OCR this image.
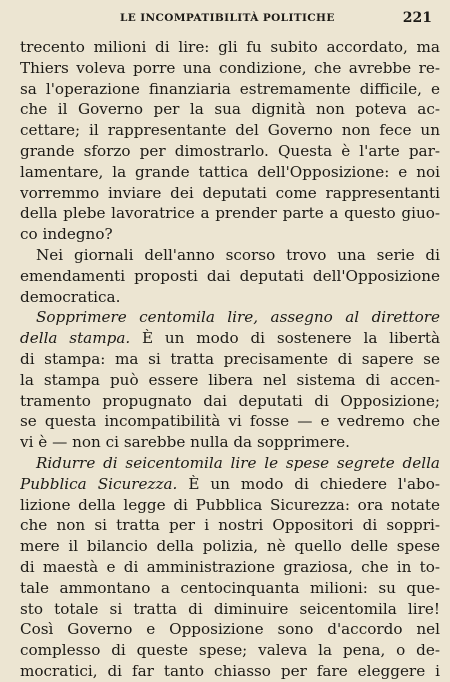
LE INCOMPATIBILITÀ POLITICHE	221
trecento milioni di lire: gli fu subito accordato, ma
Thiers voleva porre una condizione, che avrebbe re-
sa l'operazione finanziaria estremamente difficile, e
che il Governo per la sua dignità non poteva ac-
cettare; il rappresentante del Governo non fece un
grande sforzo per dimostrarlo. Questa è l'arte par-
lamentare, la grande tattica dell'Opposizione: e noi
vorremmo inviare dei deputati come rappresentanti
della plebe lavoratrice a prender parte a questo giuo-
co indegno?
Nei giornali dell'anno scorso trovo una serie di
emendamenti proposti dai deputati dell'Opposizione
democratica.
Sopprimere centomila lire, assegno al direttore
della stampa. È un modo di sostenere la libertà
di stampa: ma si tratta precisamente di sapere se
la stampa può essere libera nel sistema di accen-
tramento propugnato dai deputati di Opposizione;
se questa incompatibilità vi fosse — e vedremo che
vi è — non ci sarebbe nulla da sopprimere.
Ridurre di seicentomila lire le spese segrete della
Pubblica Sicurezza. È un modo di chiedere l'abo-
lizione della legge di Pubblica Sicurezza: ora notate
che non si tratta per i nostri Oppositori di soppri-
mere il bilancio della polizia, nè quello delle spese
di maestà e di amministrazione graziosa, che in to-
tale ammontano a centocinquanta milioni: su que-
sto totale si tratta di diminuire seicentomila lire!
Così Governo e Opposizione sono d'accordo nel
complesso di queste spese; valeva la pena, o de-
mocratici, di far tanto chiasso per fare eleggere i
